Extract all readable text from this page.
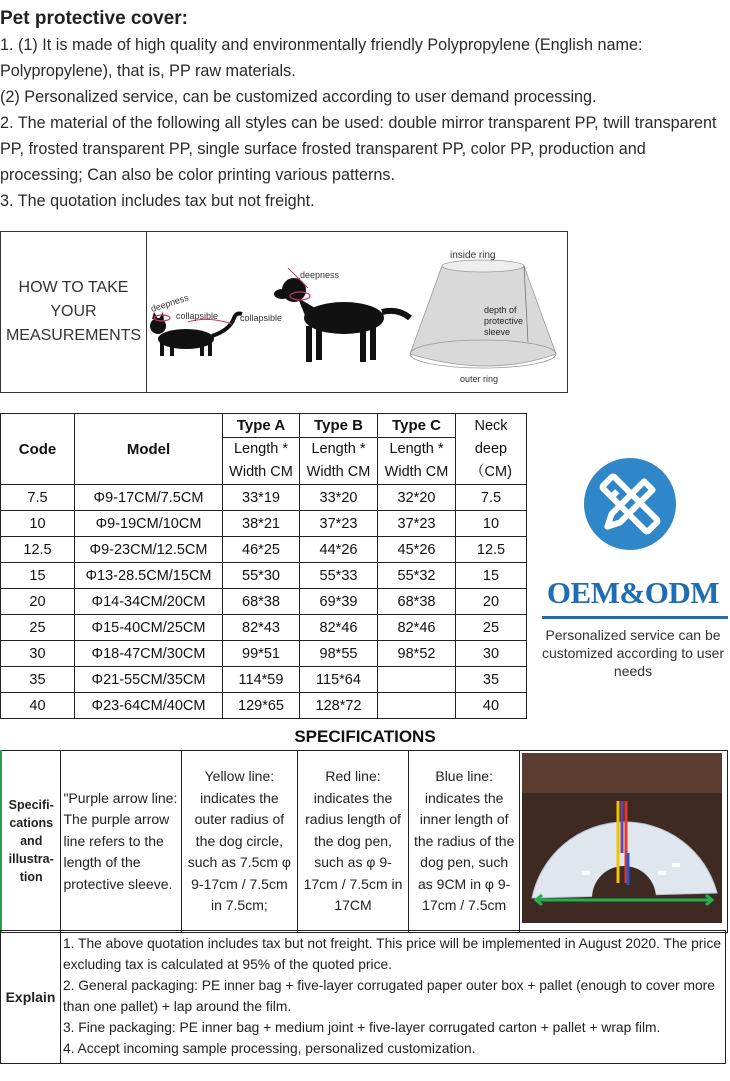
Pet protective cover:

1. (1) It is made of high quality and environmentally friendly Polypropylene (English name: Polypropylene), that is, PP raw materials.

(2) Personalized service, can be customized according to user demand processing.

2. The material of the following all styles can be used: double mirror transparent PP, twill transparent PP, frosted transparent PP, single surface frosted transparent PP, color PP, production and processing; Can also be color printing various patterns.

3. The quotation includes tax but not freight.

HOW TO TAKE YOUR MEASUREMENTS
deepness
collapsible
deepness
collapsible
inside ring
depth of
protective
sleeve
outer ring
Code	Model	Type A	Type B	Type C	Neck deep （CM)
		Length * Width CM	Length * Width CM	Length * Width CM	

7.5	Φ9-17CM/7.5CM	33*19	33*20	32*20	7.5
10	Φ9-19CM/10CM	38*21	37*23	37*23	10
12.5	Φ9-23CM/12.5CM	46*25	44*26	45*26	12.5
15	Φ13-28.5CM/15CM	55*30	55*33	55*32	15
20	Φ14-34CM/20CM	68*38	69*39	68*38	20
25	Φ15-40CM/25CM	82*43	82*46	82*46	25
30	Φ18-47CM/30CM	99*51	98*55	98*52	30
35	Φ21-55CM/35CM	114*59	115*64		35
40	Φ23-64CM/40CM	129*65	128*72		40
OEM&ODM
Personalized service can be customized according to user needs
SPECIFICATIONS
Specifi-cations and illustra-tion	"Purple arrow line: The purple arrow line refers to the length of the protective sleeve.	Yellow line: indicates the outer radius of the dog circle, such as 7.5cm φ 9-17cm / 7.5cm in 7.5cm;	Red line: indicates the radius length of the dog pen, such as φ 9-17cm / 7.5cm in 17CM	Blue line: indicates the inner length of the radius of the dog pen, such as 9CM in φ 9-17cm / 7.5cm	
Explain	
1. The above quotation includes tax but not freight. This price will be implemented in August 2020. The price excluding tax is calculated at 95% of the quoted price.
2. General packaging: PE inner bag + five-layer corrugated paper outer box + pallet (enough to cover more than one pallet) + lap around the film.
3. Fine packaging: PE inner bag + medium joint + five-layer corrugated carton + pallet + wrap film.
4. Accept incoming sample processing, personalized customization.
